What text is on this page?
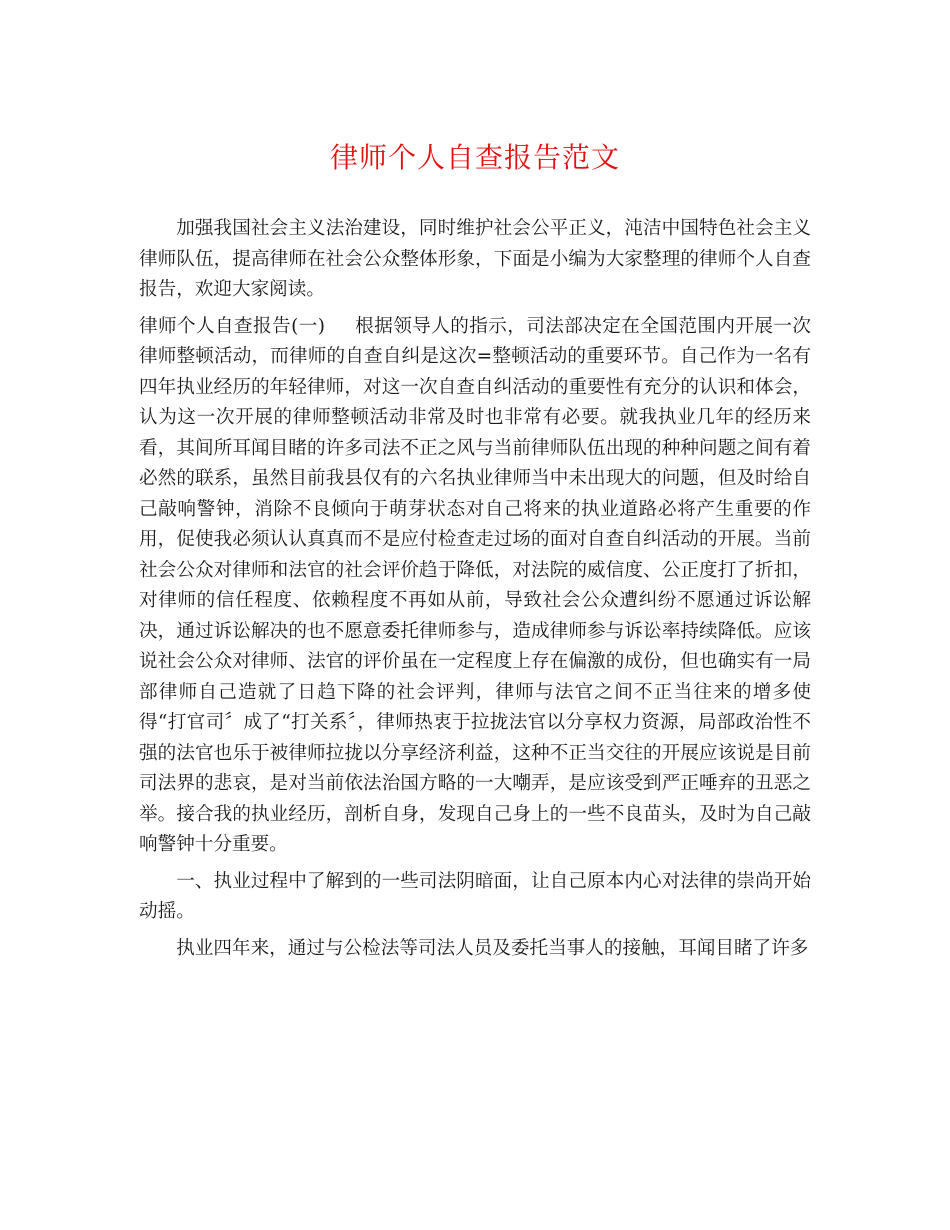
律师个人自查报告范文

加强我国社会主义法治建设，同时维护社会公平正义，沌洁中国特色社会主义律师队伍，提高律师在社会公众整体形象，下面是小编为大家整理的律师个人自查报告，欢迎大家阅读。

律师个人自查报告(一) 根据领导人的指示，司法部决定在全国范围内开展一次律师整顿活动，而律师的自查自纠是这次=整顿活动的重要环节。自己作为一名有四年执业经历的年轻律师，对这一次自查自纠活动的重要性有充分的认识和体会，认为这一次开展的律师整顿活动非常及时也非常有必要。就我执业几年的经历来看，其间所耳闻目睹的许多司法不正之风与当前律师队伍出现的种种问题之间有着必然的联系，虽然目前我县仅有的六名执业律师当中未出现大的问题，但及时给自己敲响警钟，消除不良倾向于萌芽状态对自己将来的执业道路必将产生重要的作用，促使我必须认认真真而不是应付检查走过场的面对自查自纠活动的开展。当前社会公众对律师和法官的社会评价趋于降低，对法院的威信度、公正度打了折扣，对律师的信任程度、依赖程度不再如从前，导致社会公众遭纠纷不愿通过诉讼解决，通过诉讼解决的也不愿意委托律师参与，造成律师参与诉讼率持续降低。应该说社会公众对律师、法官的评价虽在一定程度上存在偏激的成份，但也确实有一局部律师自己造就了日趋下降的社会评判，律师与法官之间不正当往来的增多使得“打官司〞成了“打关系〞，律师热衷于拉拢法官以分享权力资源，局部政治性不强的法官也乐于被律师拉拢以分享经济利益，这种不正当交往的开展应该说是目前司法界的悲哀，是对当前依法治国方略的一大嘲弄，是应该受到严正唾弃的丑恶之举。接合我的执业经历，剖析自身，发现自己身上的一些不良苗头，及时为自己敲响警钟十分重要。

一、执业过程中了解到的一些司法阴暗面，让自己原本内心对法律的崇尚开始动摇。

执业四年来，通过与公检法等司法人员及委托当事人的接触，耳闻目睹了许多
